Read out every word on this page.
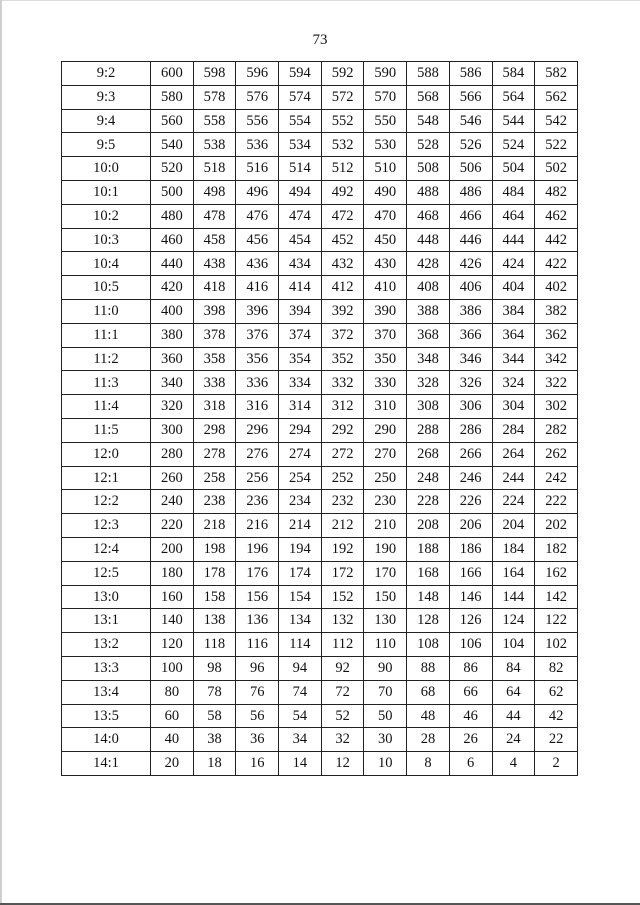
73
9:2	600	598	596	594	592	590	588	586	584	582
9:3	580	578	576	574	572	570	568	566	564	562
9:4	560	558	556	554	552	550	548	546	544	542
9:5	540	538	536	534	532	530	528	526	524	522
10:0	520	518	516	514	512	510	508	506	504	502
10:1	500	498	496	494	492	490	488	486	484	482
10:2	480	478	476	474	472	470	468	466	464	462
10:3	460	458	456	454	452	450	448	446	444	442
10:4	440	438	436	434	432	430	428	426	424	422
10:5	420	418	416	414	412	410	408	406	404	402
11:0	400	398	396	394	392	390	388	386	384	382
11:1	380	378	376	374	372	370	368	366	364	362
11:2	360	358	356	354	352	350	348	346	344	342
11:3	340	338	336	334	332	330	328	326	324	322
11:4	320	318	316	314	312	310	308	306	304	302
11:5	300	298	296	294	292	290	288	286	284	282
12:0	280	278	276	274	272	270	268	266	264	262
12:1	260	258	256	254	252	250	248	246	244	242
12:2	240	238	236	234	232	230	228	226	224	222
12:3	220	218	216	214	212	210	208	206	204	202
12:4	200	198	196	194	192	190	188	186	184	182
12:5	180	178	176	174	172	170	168	166	164	162
13:0	160	158	156	154	152	150	148	146	144	142
13:1	140	138	136	134	132	130	128	126	124	122
13:2	120	118	116	114	112	110	108	106	104	102
13:3	100	98	96	94	92	90	88	86	84	82
13:4	80	78	76	74	72	70	68	66	64	62
13:5	60	58	56	54	52	50	48	46	44	42
14:0	40	38	36	34	32	30	28	26	24	22
14:1	20	18	16	14	12	10	8	6	4	2
